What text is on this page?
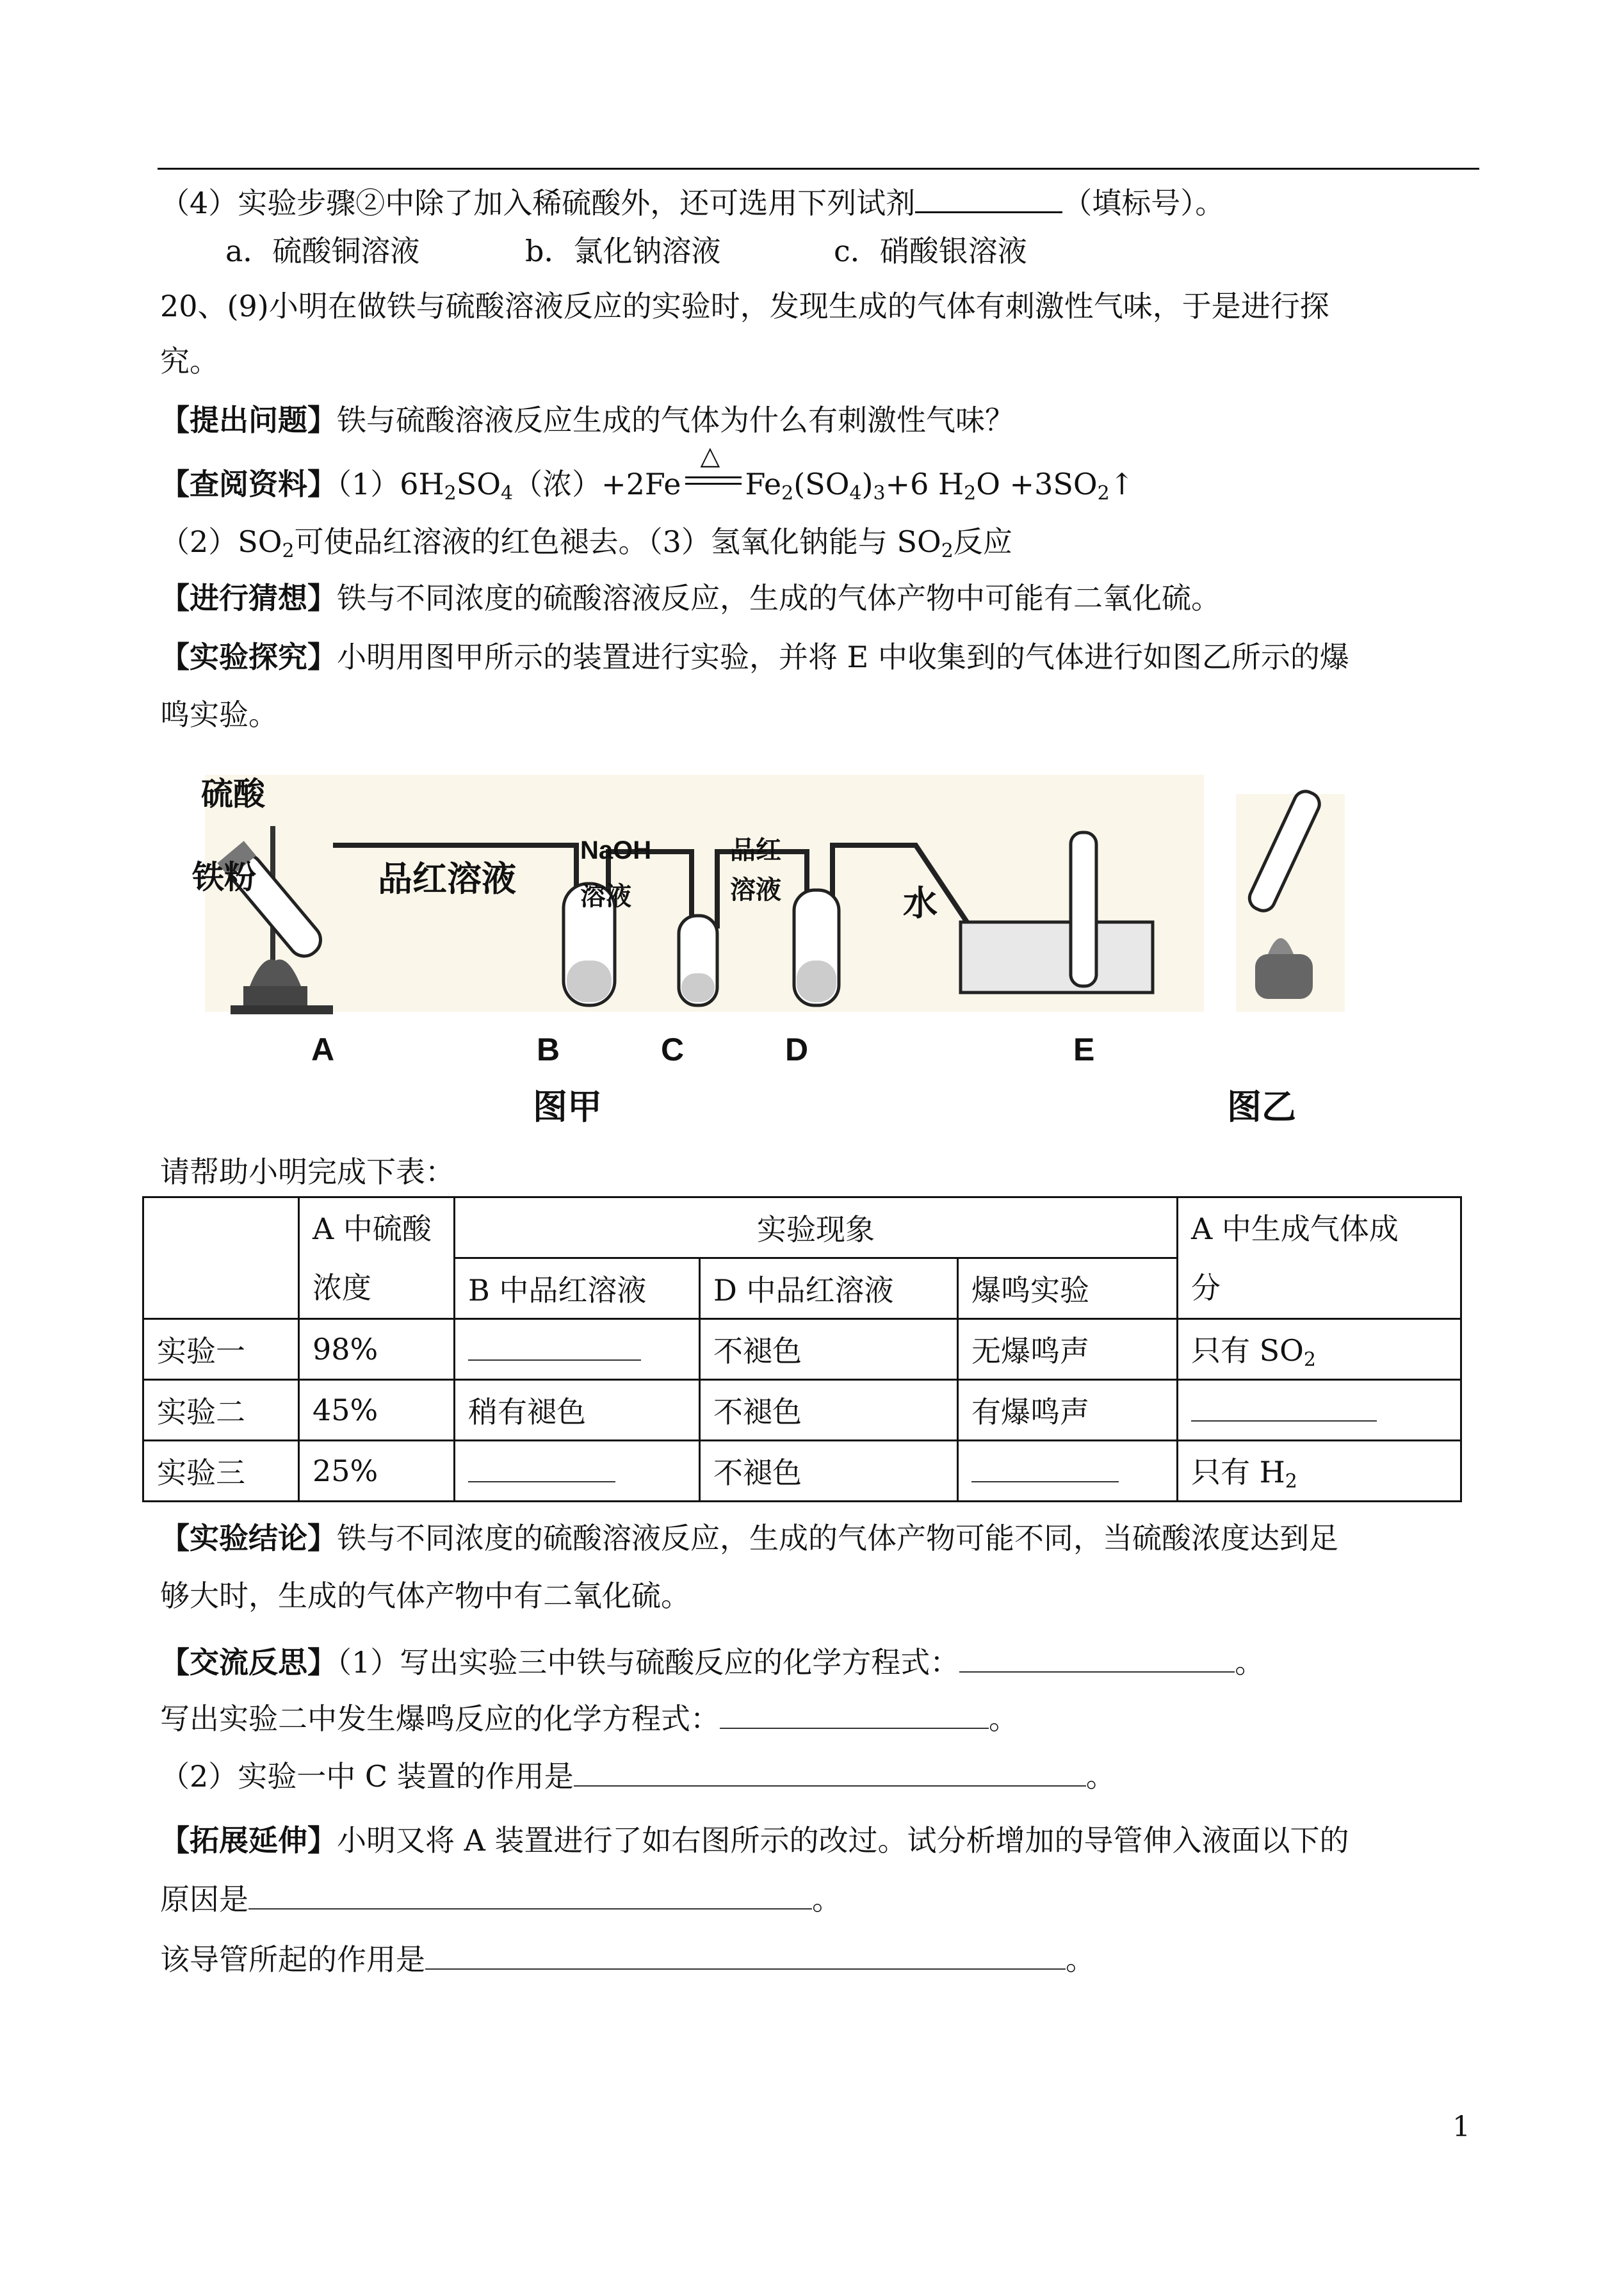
（4）实验步骤②中除了加入稀硫酸外，还可选用下列试剂	（填标号）。
a．硫酸铜溶液	b．氯化钠溶液	c．硝酸银溶液
20、(9)小明在做铁与硫酸溶液反应的实验时，发现生成的气体有刺激性气味，于是进行探
究。
【提出问题】铁与硫酸溶液反应生成的气体为什么有刺激性气味？
【查阅资料】$(1)6H_2SO_4$（浓）+2Fe
△
$Fe_2(SO_4)_3+6$ $H_2O$ $+3SO_2↑$
$(2)SO_2$可使品红溶液的红色褪去。（3）氢氧化钠能与 $SO_2$反应
【进行猜想】铁与不同浓度的硫酸溶液反应，生成的气体产物中可能有二氧化硫。
【实验探究】小明用图甲所示的装置进行实验，并将 E 中收集到的气体进行如图乙所示的爆
鸣实验。
硫酸
铁粉	品红溶液
NaOH
溶液
品红
溶液	水
A	B	C	D	E
图甲	图乙
请帮助小明完成下表：
	A 中硫酸
浓度	实验现象			A 中生成气体成
分
		B 中品红溶液	D 中品红溶液	爆鸣实验	
实验一	98%		不褪色	无爆鸣声	只有 $SO_2$
实验二	45%	稍有褪色	不褪色	有爆鸣声	
实验三	25%		不褪色		只有 $H_2$
【实验结论】铁与不同浓度的硫酸溶液反应，生成的气体产物可能不同，当硫酸浓度达到足
够大时，生成的气体产物中有二氧化硫。
【交流反思】（1）写出实验三中铁与硫酸反应的化学方程式：	。
写出实验二中发生爆鸣反应的化学方程式：	。
（2）实验一中 C 装置的作用是	。
【拓展延伸】小明又将 A 装置进行了如右图所示的改过。试分析增加的导管伸入液面以下的
原因是	。
该导管所起的作用是	。
1
